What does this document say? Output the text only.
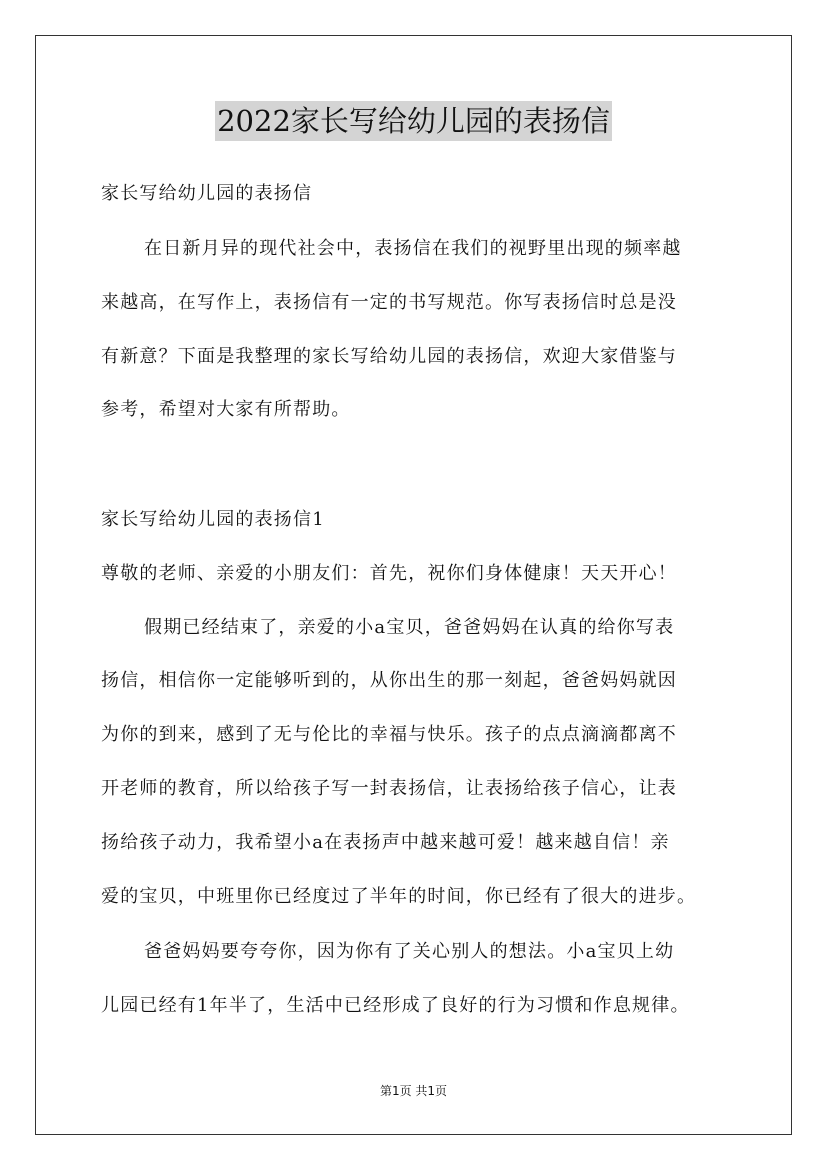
2022家长写给幼儿园的表扬信
家长写给幼儿园的表扬信
在日新月异的现代社会中，表扬信在我们的视野里出现的频率越
来越高，在写作上，表扬信有一定的书写规范。你写表扬信时总是没
有新意？下面是我整理的家长写给幼儿园的表扬信，欢迎大家借鉴与
参考，希望对大家有所帮助。
家长写给幼儿园的表扬信1
尊敬的老师、亲爱的小朋友们：首先，祝你们身体健康！天天开心！
假期已经结束了，亲爱的小a宝贝，爸爸妈妈在认真的给你写表
扬信，相信你一定能够听到的，从你出生的那一刻起，爸爸妈妈就因
为你的到来，感到了无与伦比的幸福与快乐。孩子的点点滴滴都离不
开老师的教育，所以给孩子写一封表扬信，让表扬给孩子信心，让表
扬给孩子动力，我希望小a在表扬声中越来越可爱！越来越自信！亲
爱的宝贝，中班里你已经度过了半年的时间，你已经有了很大的进步。
爸爸妈妈要夸夸你，因为你有了关心别人的想法。小a宝贝上幼
儿园已经有1年半了，生活中已经形成了良好的行为习惯和作息规律。
第1页 共1页
